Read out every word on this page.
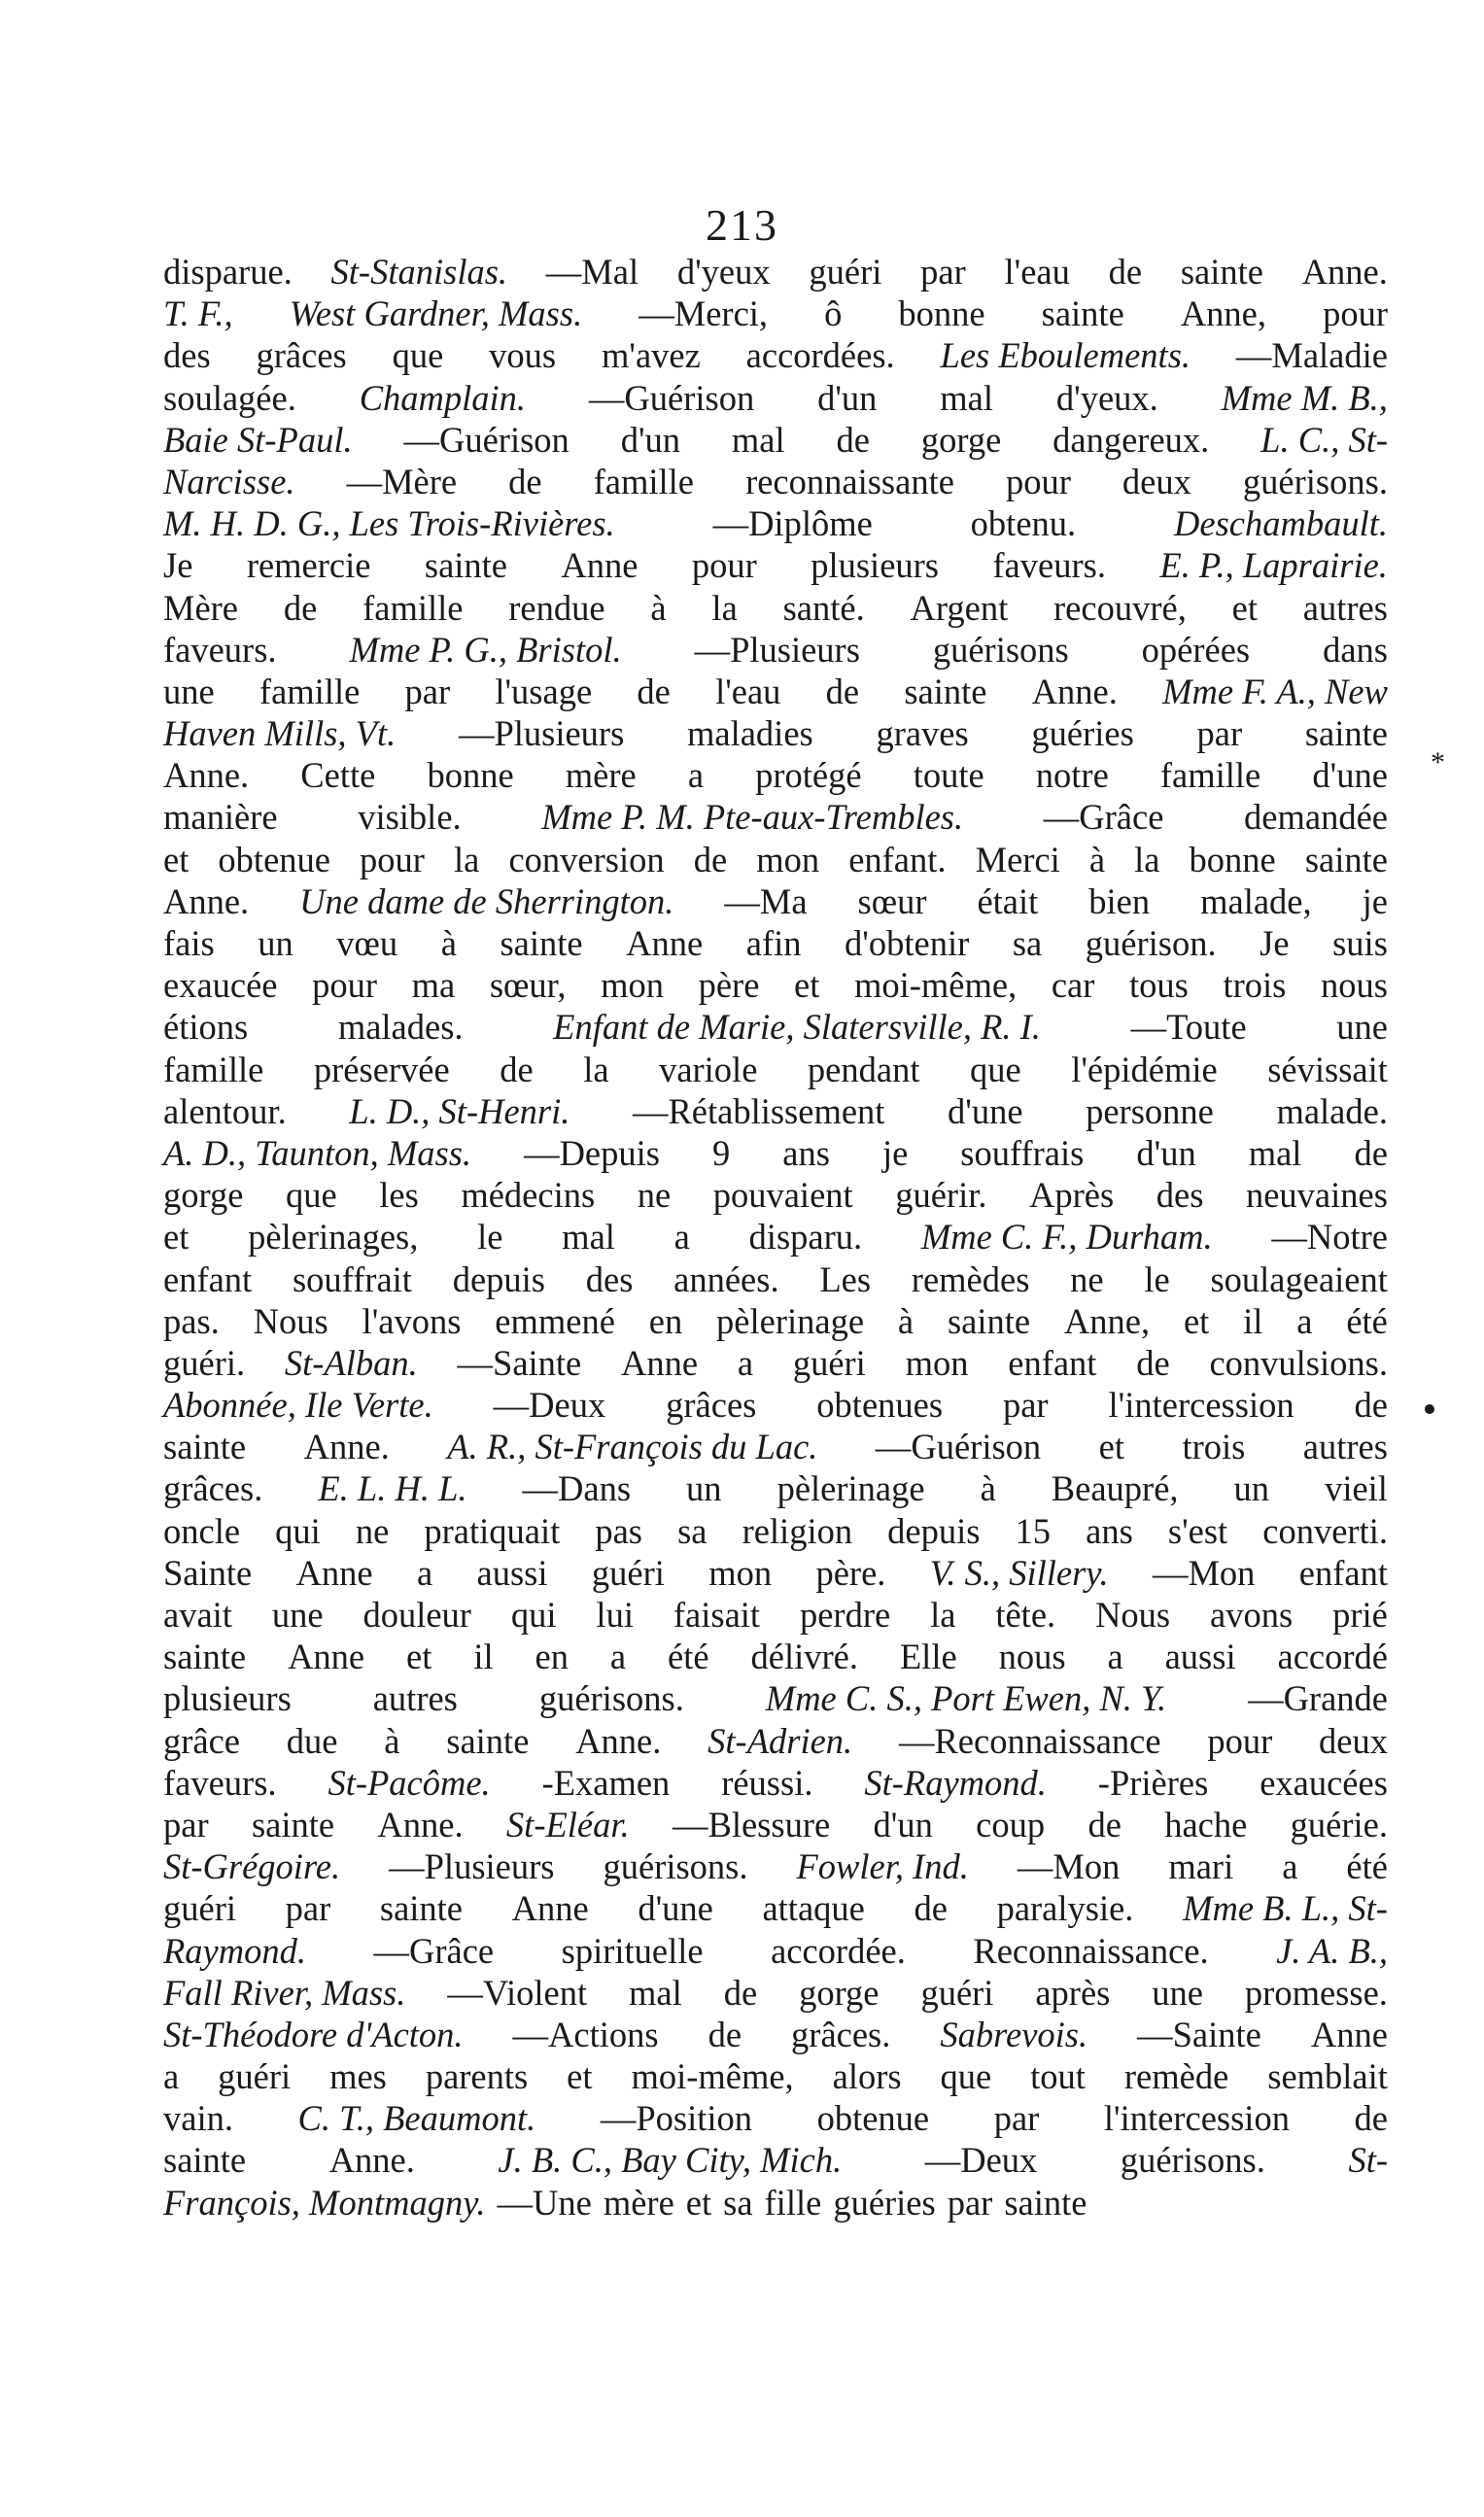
213
disparue. St-Stanislas. —Mal d'yeux guéri par l'eau de sainte Anne.
T. F., West Gardner, Mass. —Merci, ô bonne sainte Anne, pour
des grâces que vous m'avez accordées. Les Eboulements. —Maladie
soulagée. Champlain. —Guérison d'un mal d'yeux. Mme M. B.,
Baie St-Paul. —Guérison d'un mal de gorge dangereux. L. C., St-
Narcisse. —Mère de famille reconnaissante pour deux guérisons.
M. H. D. G., Les Trois-Rivières.	—Diplôme	obtenu.	Deschambault.
Je remercie sainte Anne pour plusieurs faveurs. E. P., Laprairie.
Mère de famille rendue à la santé. Argent recouvré, et autres
faveurs. Mme P. G., Bristol. —Plusieurs guérisons opérées dans
une famille par l'usage de l'eau de sainte Anne. Mme F. A., New
Haven Mills, Vt. —Plusieurs maladies graves guéries par sainte
Anne. Cette bonne mère a protégé toute notre famille d'une
manière visible. Mme P. M. Pte-aux-Trembles. —Grâce demandée
et obtenue pour la conversion de mon enfant. Merci à la bonne sainte
Anne. Une dame de Sherrington. —Ma sœur était bien malade, je
fais un vœu à sainte Anne afin d'obtenir sa guérison. Je suis
exaucée pour ma sœur, mon père et moi-même, car tous trois nous
étions	malades.	Enfant de Marie, Slatersville, R. I.	—Toute	une
famille préservée de la variole pendant que l'épidémie sévissait
alentour. L. D., St-Henri. —Rétablissement d'une personne malade.
A. D., Taunton, Mass. —Depuis 9 ans je souffrais d'un mal de
gorge que les médecins ne pouvaient guérir. Après des neuvaines
et pèlerinages, le mal a disparu. Mme C. F., Durham. —Notre
enfant souffrait depuis des années. Les remèdes ne le soulageaient
pas. Nous l'avons emmené en pèlerinage à sainte Anne, et il a été
guéri. St-Alban. —Sainte Anne a guéri mon enfant de convulsions.
Abonnée, Ile Verte. —Deux grâces obtenues par l'intercession de
sainte Anne. A. R., St-François du Lac. —Guérison et trois autres
grâces. E. L. H. L. —Dans un pèlerinage à Beaupré, un vieil
oncle qui ne pratiquait pas sa religion depuis 15 ans s'est converti.
Sainte Anne a aussi guéri mon père. V. S., Sillery. —Mon enfant
avait une douleur qui lui faisait perdre la tête. Nous avons prié
sainte Anne et il en a été délivré. Elle nous a aussi accordé
plusieurs autres guérisons. Mme C. S., Port Ewen, N. Y. —Grande
grâce due à sainte Anne. St-Adrien. —Reconnaissance pour deux
faveurs. St-Pacôme. -Examen réussi. St-Raymond. -Prières exaucées
par sainte Anne. St-Eléar. —Blessure d'un coup de hache guérie.
St-Grégoire. —Plusieurs guérisons. Fowler, Ind. —Mon mari a été
guéri par sainte Anne d'une attaque de paralysie. Mme B. L., St-
Raymond. —Grâce spirituelle accordée. Reconnaissance. J. A. B.,
Fall River, Mass. —Violent mal de gorge guéri après une promesse.
St-Théodore d'Acton. —Actions de grâces. Sabrevois. —Sainte Anne
a guéri mes parents et moi-même, alors que tout remède semblait
vain. C. T., Beaumont. —Position obtenue par l'intercession de
sainte Anne. J. B. C., Bay City, Mich. —Deux guérisons. St-
François, Montmagny. —Une mère et sa fille guéries par sainte
*
